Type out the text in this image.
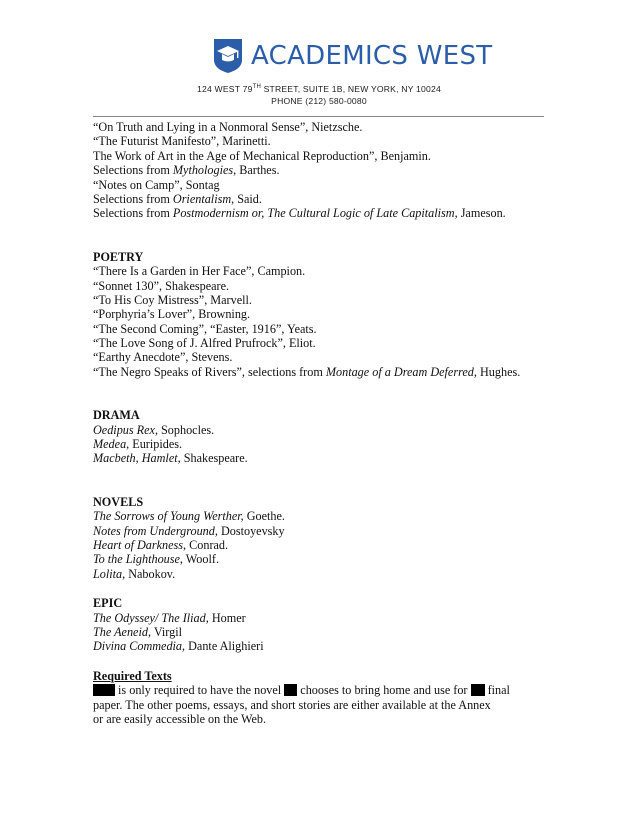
ACADEMICS WEST
124 WEST 79TH STREET, SUITE 1B, NEW YORK, NY 10024
PHONE (212) 580-0080
“On Truth and Lying in a Nonmoral Sense”, Nietzsche.
“The Futurist Manifesto”, Marinetti.
The Work of Art in the Age of Mechanical Reproduction”, Benjamin.
Selections from Mythologies, Barthes.
“Notes on Camp”, Sontag
Selections from Orientalism, Said.
Selections from Postmodernism or, The Cultural Logic of Late Capitalism, Jameson.
POETRY
“There Is a Garden in Her Face”, Campion.
“Sonnet 130”, Shakespeare.
“To His Coy Mistress”, Marvell.
“Porphyria’s Lover”, Browning.
“The Second Coming”, “Easter, 1916”, Yeats.
“The Love Song of J. Alfred Prufrock”, Eliot.
“Earthy Anecdote”, Stevens.
“The Negro Speaks of Rivers”, selections from Montage of a Dream Deferred, Hughes.
DRAMA
Oedipus Rex, Sophocles.
Medea, Euripides.
Macbeth, Hamlet, Shakespeare.
NOVELS
The Sorrows of Young Werther, Goethe.
Notes from Underground, Dostoyevsky
Heart of Darkness, Conrad.
To the Lighthouse, Woolf.
Lolita, Nabokov.
EPIC
The Odyssey/ The Iliad, Homer
The Aeneid, Virgil
Divina Commedia, Dante Alighieri
Required Texts
is only required to have the novel  chooses to bring home and use for  final
paper. The other poems, essays, and short stories are either available at the Annex
or are easily accessible on the Web.
